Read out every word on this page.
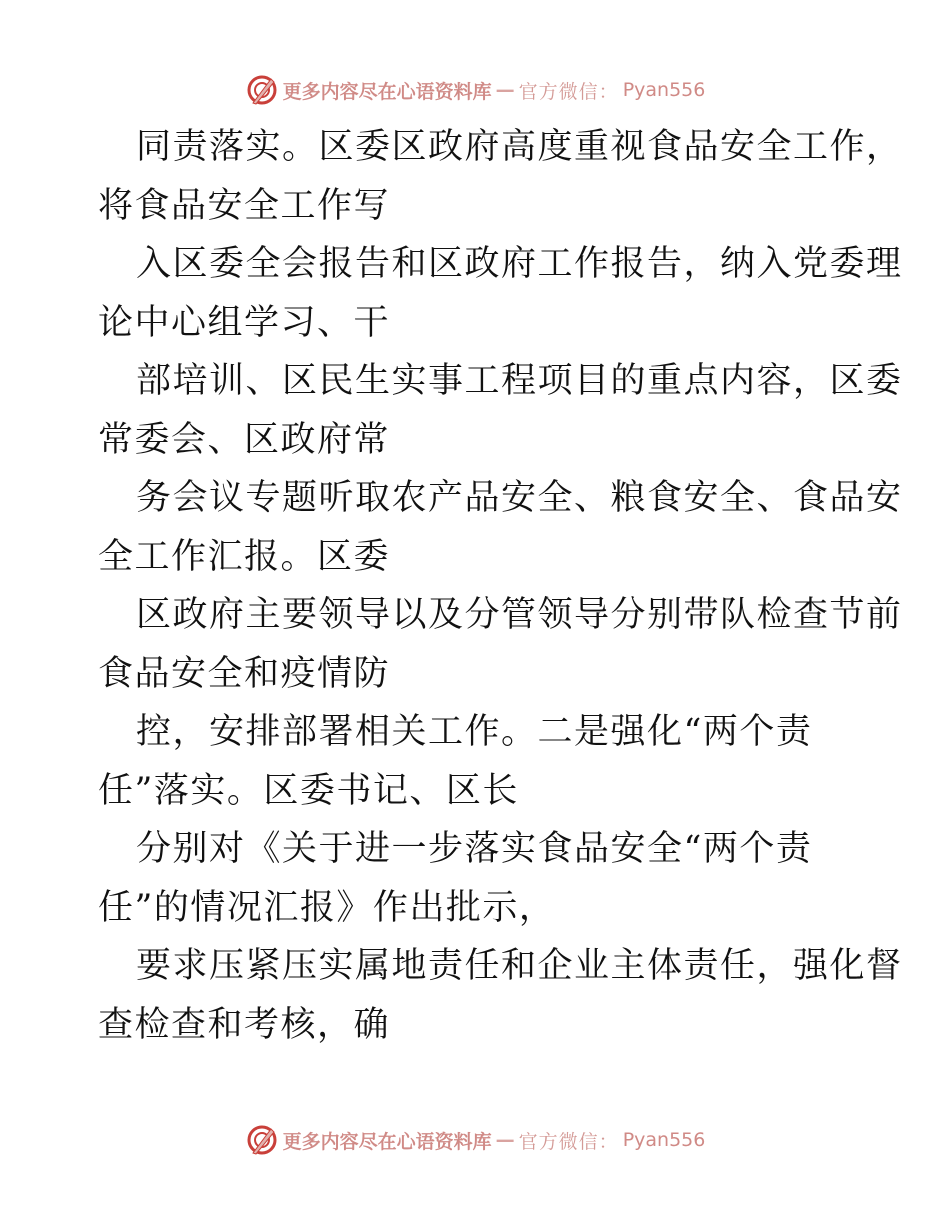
更多内容尽在心语资料库 — 官方微信： Pyan556
同责落实。区委区政府高度重视食品安全工作，
将食品安全工作写
入区委全会报告和区政府工作报告，纳入党委理
论中心组学习、干
部培训、区民生实事工程项目的重点内容，区委
常委会、区政府常
务会议专题听取农产品安全、粮食安全、食品安
全工作汇报。区委
区政府主要领导以及分管领导分别带队检查节前
食品安全和疫情防
控，安排部署相关工作。二是强化“两个责
任”落实。区委书记、区长
分别对《关于进一步落实食品安全“两个责
任”的情况汇报》作出批示，
要求压紧压实属地责任和企业主体责任，强化督
查检查和考核，确
更多内容尽在心语资料库 — 官方微信： Pyan556
